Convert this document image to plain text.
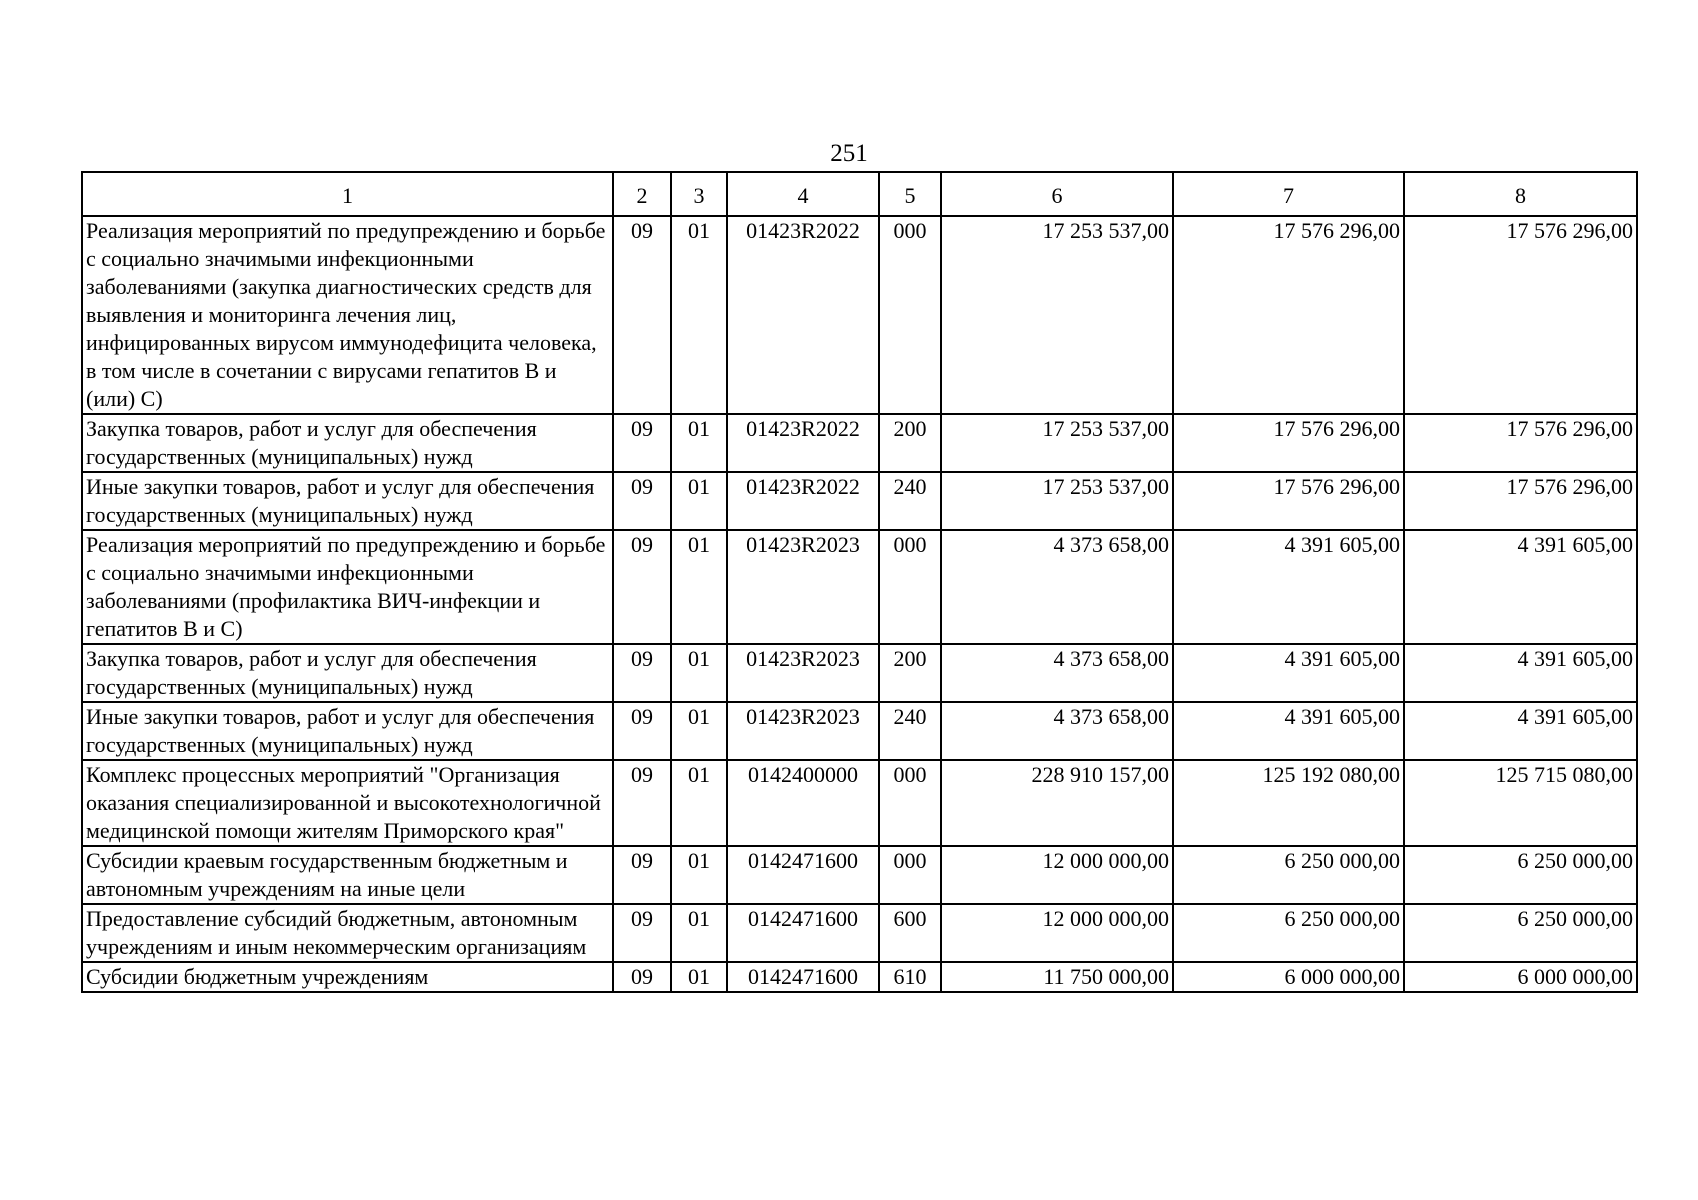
251
1	2	3	4	5	6	7	8
Реализация мероприятий по предупреждению и борьбе с социально значимыми инфекционными заболеваниями (закупка диагностических средств для выявления и мониторинга лечения лиц, инфицированных вирусом иммунодефицита человека, в том числе в сочетании с вирусами гепатитов В и (или) С)	09	01	01423R2022	000	17 253 537,00	17 576 296,00	17 576 296,00
Закупка товаров, работ и услуг для обеспечения государственных (муниципальных) нужд	09	01	01423R2022	200	17 253 537,00	17 576 296,00	17 576 296,00
Иные закупки товаров, работ и услуг для обеспечения государственных (муниципальных) нужд	09	01	01423R2022	240	17 253 537,00	17 576 296,00	17 576 296,00
Реализация мероприятий по предупреждению и борьбе с социально значимыми инфекционными заболеваниями (профилактика ВИЧ-инфекции и гепатитов В и С)	09	01	01423R2023	000	4 373 658,00	4 391 605,00	4 391 605,00
Закупка товаров, работ и услуг для обеспечения государственных (муниципальных) нужд	09	01	01423R2023	200	4 373 658,00	4 391 605,00	4 391 605,00
Иные закупки товаров, работ и услуг для обеспечения государственных (муниципальных) нужд	09	01	01423R2023	240	4 373 658,00	4 391 605,00	4 391 605,00
Комплекс процессных мероприятий "Организация оказания специализированной и высокотехнологичной медицинской помощи жителям Приморского края"	09	01	0142400000	000	228 910 157,00	125 192 080,00	125 715 080,00
Субсидии краевым государственным бюджетным и автономным учреждениям на иные цели	09	01	0142471600	000	12 000 000,00	6 250 000,00	6 250 000,00
Предоставление субсидий бюджетным, автономным учреждениям и иным некоммерческим организациям	09	01	0142471600	600	12 000 000,00	6 250 000,00	6 250 000,00
Субсидии бюджетным учреждениям	09	01	0142471600	610	11 750 000,00	6 000 000,00	6 000 000,00
